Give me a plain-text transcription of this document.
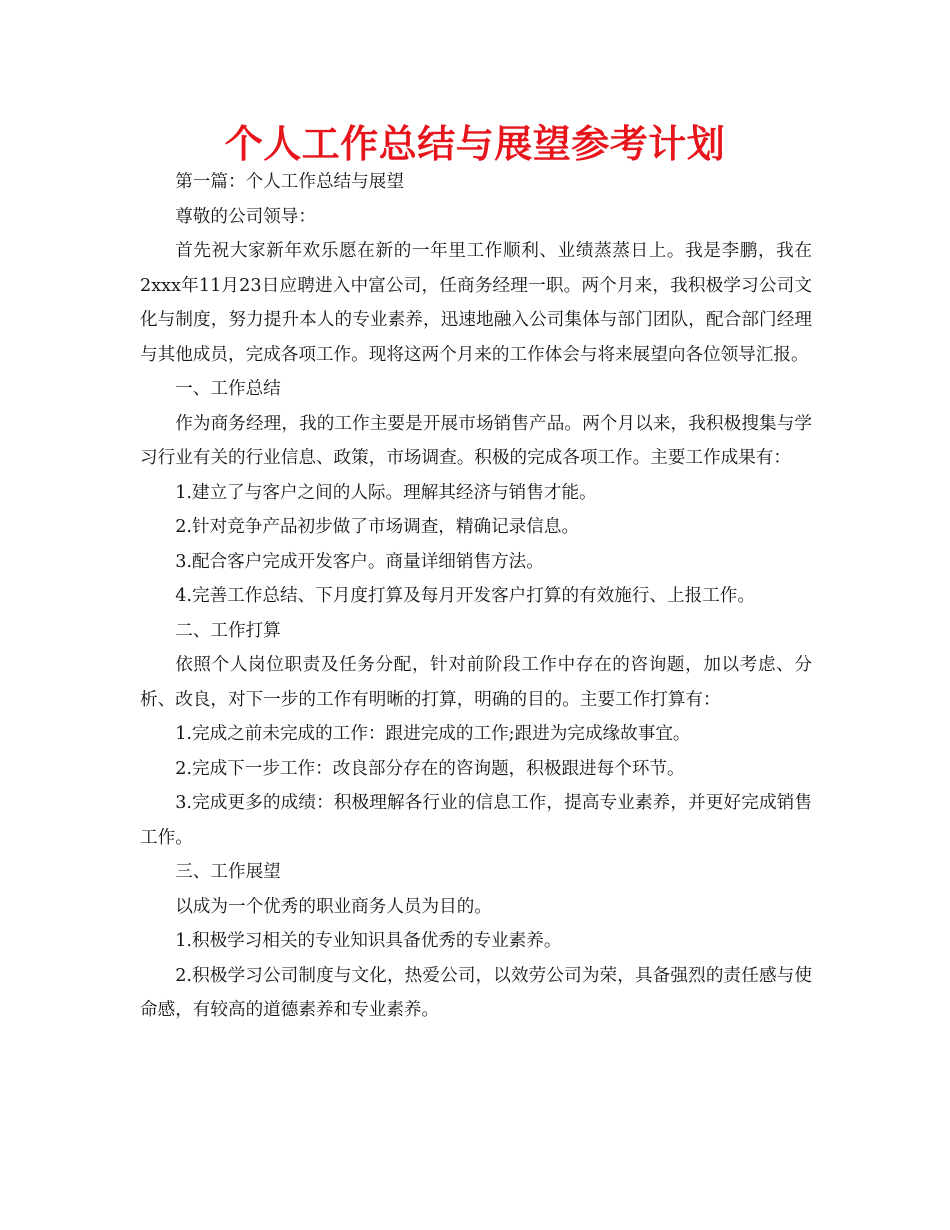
个人工作总结与展望参考计划

第一篇：个人工作总结与展望

尊敬的公司领导：

首先祝大家新年欢乐愿在新的一年里工作顺利、业绩蒸蒸日上。我是李鹏，我在2xxx年11月23日应聘进入中富公司，任商务经理一职。两个月来，我积极学习公司文化与制度，努力提升本人的专业素养，迅速地融入公司集体与部门团队，配合部门经理与其他成员，完成各项工作。现将这两个月来的工作体会与将来展望向各位领导汇报。

一、工作总结

作为商务经理，我的工作主要是开展市场销售产品。两个月以来，我积极搜集与学习行业有关的行业信息、政策，市场调查。积极的完成各项工作。主要工作成果有：

1.建立了与客户之间的人际。理解其经济与销售才能。

2.针对竞争产品初步做了市场调查，精确记录信息。

3.配合客户完成开发客户。商量详细销售方法。

4.完善工作总结、下月度打算及每月开发客户打算的有效施行、上报工作。

二、工作打算

依照个人岗位职责及任务分配，针对前阶段工作中存在的咨询题，加以考虑、分析、改良，对下一步的工作有明晰的打算，明确的目的。主要工作打算有：

1.完成之前未完成的工作：跟进完成的工作;跟进为完成缘故事宜。

2.完成下一步工作：改良部分存在的咨询题，积极跟进每个环节。

3.完成更多的成绩：积极理解各行业的信息工作，提高专业素养，并更好完成销售工作。

三、工作展望

以成为一个优秀的职业商务人员为目的。

1.积极学习相关的专业知识具备优秀的专业素养。

2.积极学习公司制度与文化，热爱公司，以效劳公司为荣，具备强烈的责任感与使命感，有较高的道德素养和专业素养。
